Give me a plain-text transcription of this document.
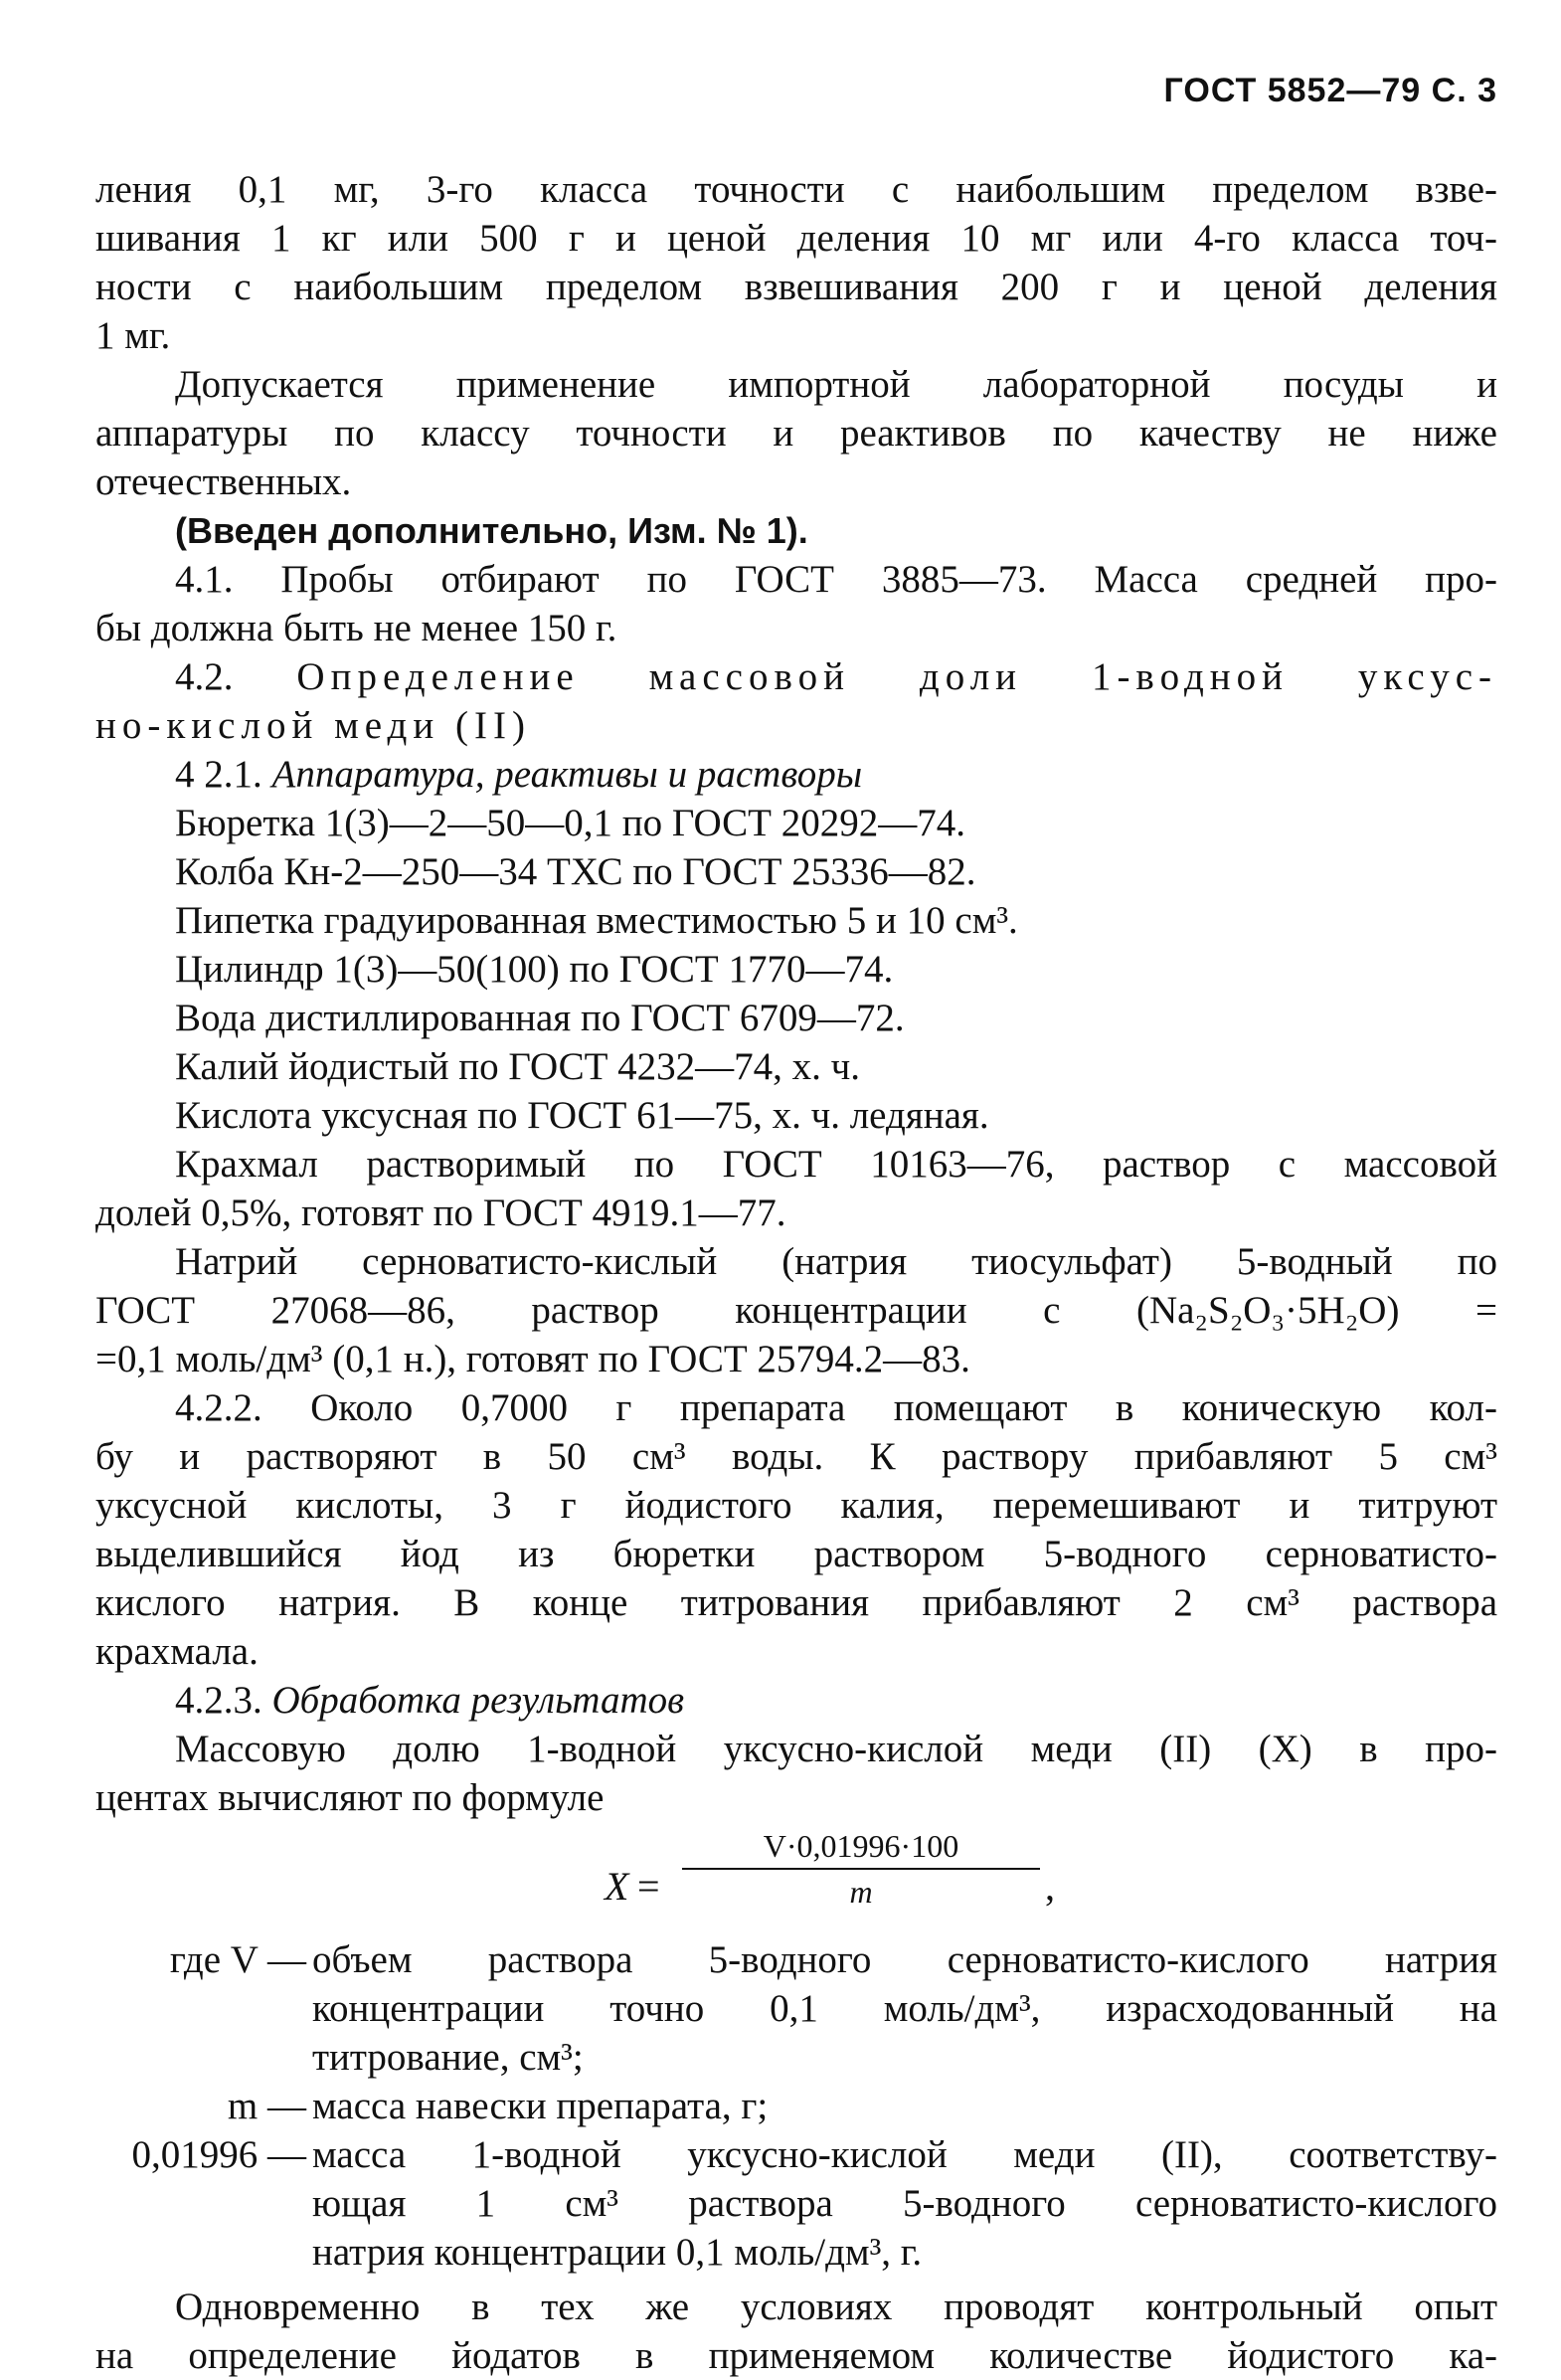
ГОСТ 5852—79 С. 3
ления 0,1 мг, 3-го класса точности с наибольшим пределом взве-
шивания 1 кг или 500 г и ценой деления 10 мг или 4-го класса точ-
ности с наибольшим пределом взвешивания 200 г и ценой деления
1 мг.
Допускается применение импортной лабораторной посуды и
аппаратуры по классу точности и реактивов по качеству не ниже
отечественных.
(Введен дополнительно, Изм. № 1).
4.1. Пробы отбирают по ГОСТ 3885—73. Масса средней про-
бы должна быть не менее 150 г.
4.2. Определение массовой доли 1-водной уксус-
но-кислой меди (II)
4 2.1. Аппаратура, реактивы и растворы
Бюретка 1(3)—2—50—0,1 по ГОСТ 20292—74.
Колба Кн-2—250—34 ТХС по ГОСТ 25336—82.
Пипетка градуированная вместимостью 5 и 10 см³.
Цилиндр 1(3)—50(100) по ГОСТ 1770—74.
Вода дистиллированная по ГОСТ 6709—72.
Калий йодистый по ГОСТ 4232—74, х. ч.
Кислота уксусная по ГОСТ 61—75, х. ч. ледяная.
Крахмал растворимый по ГОСТ 10163—76, раствор с массовой
долей 0,5%, готовят по ГОСТ 4919.1—77.
Натрий серноватисто-кислый (натрия тиосульфат) 5-водный по
ГОСТ 27068—86, раствор концентрации c (Na₂S₂O₃·5H₂O) =
=0,1 моль/дм³ (0,1 н.), готовят по ГОСТ 25794.2—83.
4.2.2. Около 0,7000 г препарата помещают в коническую кол-
бу и растворяют в 50 см³ воды. К раствору прибавляют 5 см³
уксусной кислоты, 3 г йодистого калия, перемешивают и титруют
выделившийся йод из бюретки раствором 5-водного серноватисто-
кислого натрия. В конце титрования прибавляют 2 см³ раствора
крахмала.
4.2.3. Обработка результатов
Массовую долю 1-водной уксусно-кислой меди (II) (X) в про-
центах вычисляют по формуле
$X = \frac{V\cdot 0,01996\cdot 100}{m}$ ,
где V — объем раствора 5-водного серноватисто-кислого натрия
концентрации точно 0,1 моль/дм³, израсходованный на
титрование, см³;
m — масса навески препарата, г;
0,01996 — масса 1-водной уксусно-кислой меди (II), соответству-
ющая 1 см³ раствора 5-водного серноватисто-кислого
натрия концентрации 0,1 моль/дм³, г.
Одновременно в тех же условиях проводят контрольный опыт
на определение йодатов в применяемом количестве йодистого ка-
